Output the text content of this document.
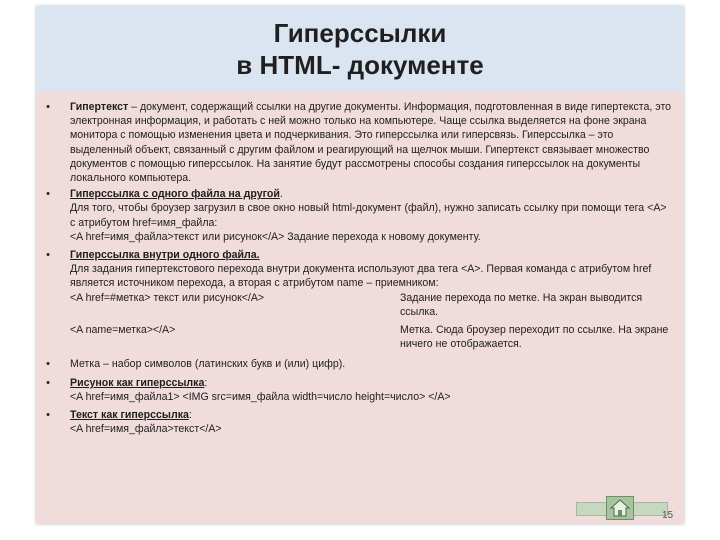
Гиперссылки
в HTML- документе
• Гипертекст – документ, содержащий ссылки на другие документы. Информация, подготовленная в виде гипертекста, это электронная информация, и работать с ней можно только на компьютере. Чаще ссылка выделяется на фоне экрана монитора с помощью изменения цвета и подчеркивания. Это гиперссылка или гиперсвязь. Гиперссылка – это выделенный объект, связанный с другим файлом и реагирующий на щелчок мыши. Гипертекст связывает множество документов с помощью гиперссылок. На занятие будут рассмотрены способы создания гиперссылок на документы локального компьютера.
• Гиперссылка с одного файла на другой.
Для того, чтобы броузер загрузил в свое окно новый html-документ (файл), нужно записать ссылку при помощи тега <A> с атрибутом href=имя_файла:
<A href=имя_файла>текст или рисунок</A> Задание перехода к новому документу.
• Гиперссылка внутри одного файла.
Для задания гипертекстового перехода внутри документа используют два тега <A>. Первая команда с атрибутом href является источником перехода, а вторая с атрибутом name – приемником:
<A href=#метка> текст или рисунок</A>	Задание перехода по метке. На экран выводится ссылка.
<A name=метка></A>	Метка. Сюда броузер переходит по ссылке. На экране ничего не отображается.
• Метка – набор символов (латинских букв и (или) цифр).
• Рисунок как гиперссылка:
<A href=имя_файла1> <IMG src=имя_файла width=число height=число> </A>
• Текст как гиперссылка:
<A href=имя_файла>текст</A>
15
